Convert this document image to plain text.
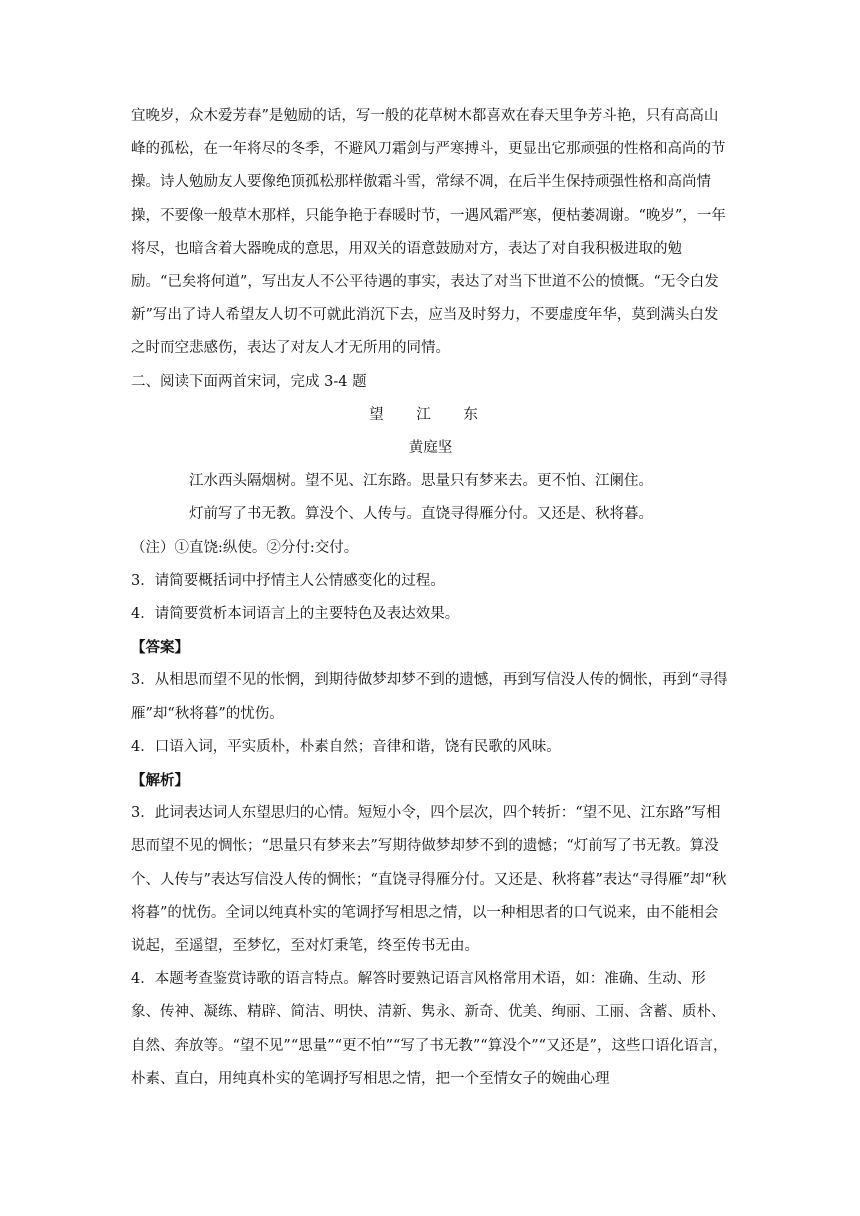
宜晚岁，众木爱芳春”是勉励的话，写一般的花草树木都喜欢在春天里争芳斗艳，只有高高山峰的孤松，在一年将尽的冬季，不避风刀霜剑与严寒搏斗，更显出它那顽强的性格和高尚的节操。诗人勉励友人要像绝顶孤松那样傲霜斗雪，常绿不凋，在后半生保持顽强性格和高尚情操，不要像一般草木那样，只能争艳于春暖时节，一遇风霜严寒，便枯萎凋谢。“晚岁”，一年将尽，也暗含着大器晚成的意思，用双关的语意鼓励对方，表达了对自我积极进取的勉励。“已矣将何道”，写出友人不公平待遇的事实，表达了对当下世道不公的愤慨。“无令白发新”写出了诗人希望友人切不可就此消沉下去，应当及时努力，不要虚度年华，莫到满头白发之时而空悲感伤，表达了对友人才无所用的同情。

二、阅读下面两首宋词，完成 3-4 题

望 江 东

黄庭坚

江水西头隔烟树。望不见、江东路。思量只有梦来去。更不怕、江阑住。

灯前写了书无教。算没个、人传与。直饶寻得雁分付。又还是、秋将暮。

（注）①直饶:纵使。②分付:交付。

3．请简要概括词中抒情主人公情感变化的过程。

4．请简要赏析本词语言上的主要特色及表达效果。

【答案】

3．从相思而望不见的怅惘，到期待做梦却梦不到的遗憾，再到写信没人传的惆怅，再到“寻得雁”却“秋将暮”的忧伤。

4．口语入词，平实质朴，朴素自然；音律和谐，饶有民歌的风味。

【解析】

3．此词表达词人东望思归的心情。短短小令，四个层次，四个转折：“望不见、江东路”写相思而望不见的惆怅；“思量只有梦来去”写期待做梦却梦不到的遗憾；“灯前写了书无教。算没个、人传与”表达写信没人传的惆怅；“直饶寻得雁分付。又还是、秋将暮”表达“寻得雁”却“秋将暮”的忧伤。全词以纯真朴实的笔调抒写相思之情，以一种相思者的口气说来，由不能相会说起，至遥望，至梦忆，至对灯秉笔，终至传书无由。

4．本题考查鉴赏诗歌的语言特点。解答时要熟记语言风格常用术语，如：准确、生动、形象、传神、凝练、精辟、简洁、明快、清新、隽永、新奇、优美、绚丽、工丽、含蓄、质朴、自然、奔放等。“望不见”“思量”“更不怕”“写了书无教”“算没个”“又还是”，这些口语化语言，朴素、直白，用纯真朴实的笔调抒写相思之情，把一个至情女子的婉曲心理
